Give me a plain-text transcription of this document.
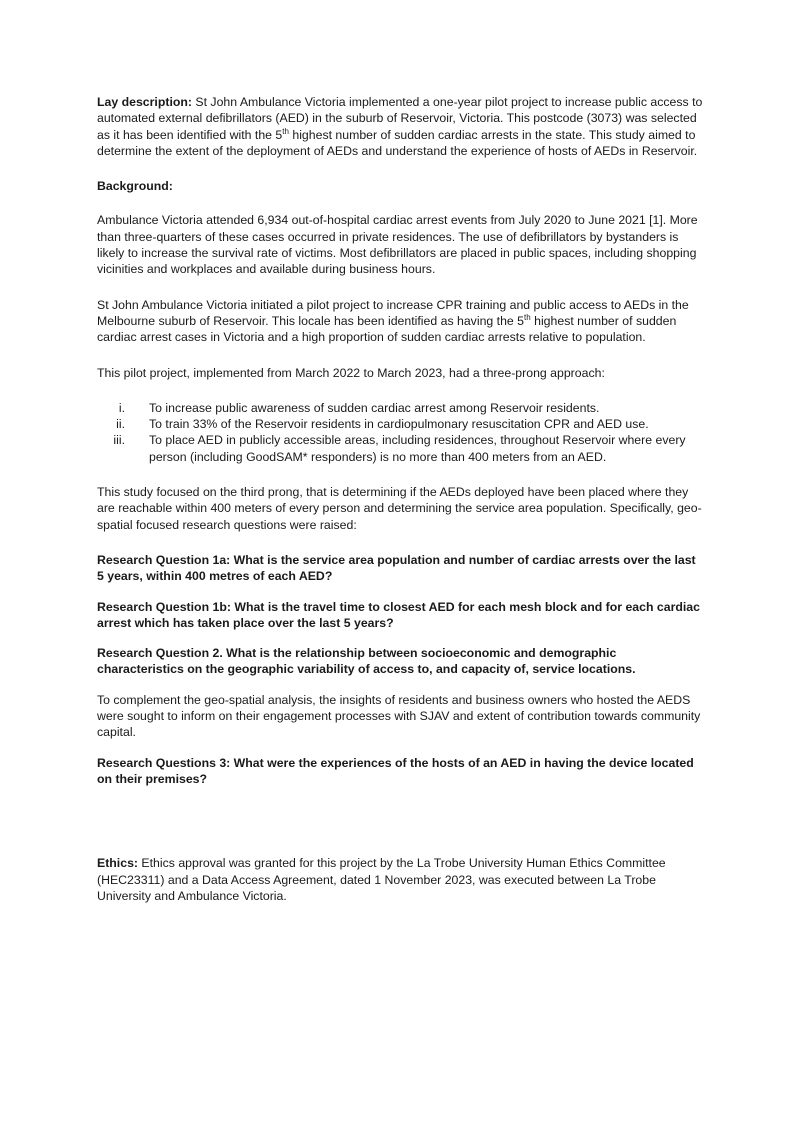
Lay description: St John Ambulance Victoria implemented a one-year pilot project to increase public access to automated external defibrillators (AED) in the suburb of Reservoir, Victoria. This postcode (3073) was selected as it has been identified with the 5th highest number of sudden cardiac arrests in the state. This study aimed to determine the extent of the deployment of AEDs and understand the experience of hosts of AEDs in Reservoir.

Background:

Ambulance Victoria attended 6,934 out-of-hospital cardiac arrest events from July 2020 to June 2021 [1]. More than three-quarters of these cases occurred in private residences. The use of defibrillators by bystanders is likely to increase the survival rate of victims. Most defibrillators are placed in public spaces, including shopping vicinities and workplaces and available during business hours.

St John Ambulance Victoria initiated a pilot project to increase CPR training and public access to AEDs in the Melbourne suburb of Reservoir. This locale has been identified as having the 5th highest number of sudden cardiac arrest cases in Victoria and a high proportion of sudden cardiac arrests relative to population.

This pilot project, implemented from March 2022 to March 2023, had a three-prong approach:

i. To increase public awareness of sudden cardiac arrest among Reservoir residents.
ii. To train 33% of the Reservoir residents in cardiopulmonary resuscitation CPR and AED use.
iii. To place AED in publicly accessible areas, including residences, throughout Reservoir where every person (including GoodSAM* responders) is no more than 400 meters from an AED.

This study focused on the third prong, that is determining if the AEDs deployed have been placed where they are reachable within 400 meters of every person and determining the service area population. Specifically, geo-spatial focused research questions were raised:

Research Question 1a: What is the service area population and number of cardiac arrests over the last 5 years, within 400 metres of each AED?

Research Question 1b: What is the travel time to closest AED for each mesh block and for each cardiac arrest which has taken place over the last 5 years?

Research Question 2. What is the relationship between socioeconomic and demographic characteristics on the geographic variability of access to, and capacity of, service locations.

To complement the geo-spatial analysis, the insights of residents and business owners who hosted the AEDS were sought to inform on their engagement processes with SJAV and extent of contribution towards community capital.

Research Questions 3: What were the experiences of the hosts of an AED in having the device located on their premises?

Ethics: Ethics approval was granted for this project by the La Trobe University Human Ethics Committee (HEC23311) and a Data Access Agreement, dated 1 November 2023, was executed between La Trobe University and Ambulance Victoria.
